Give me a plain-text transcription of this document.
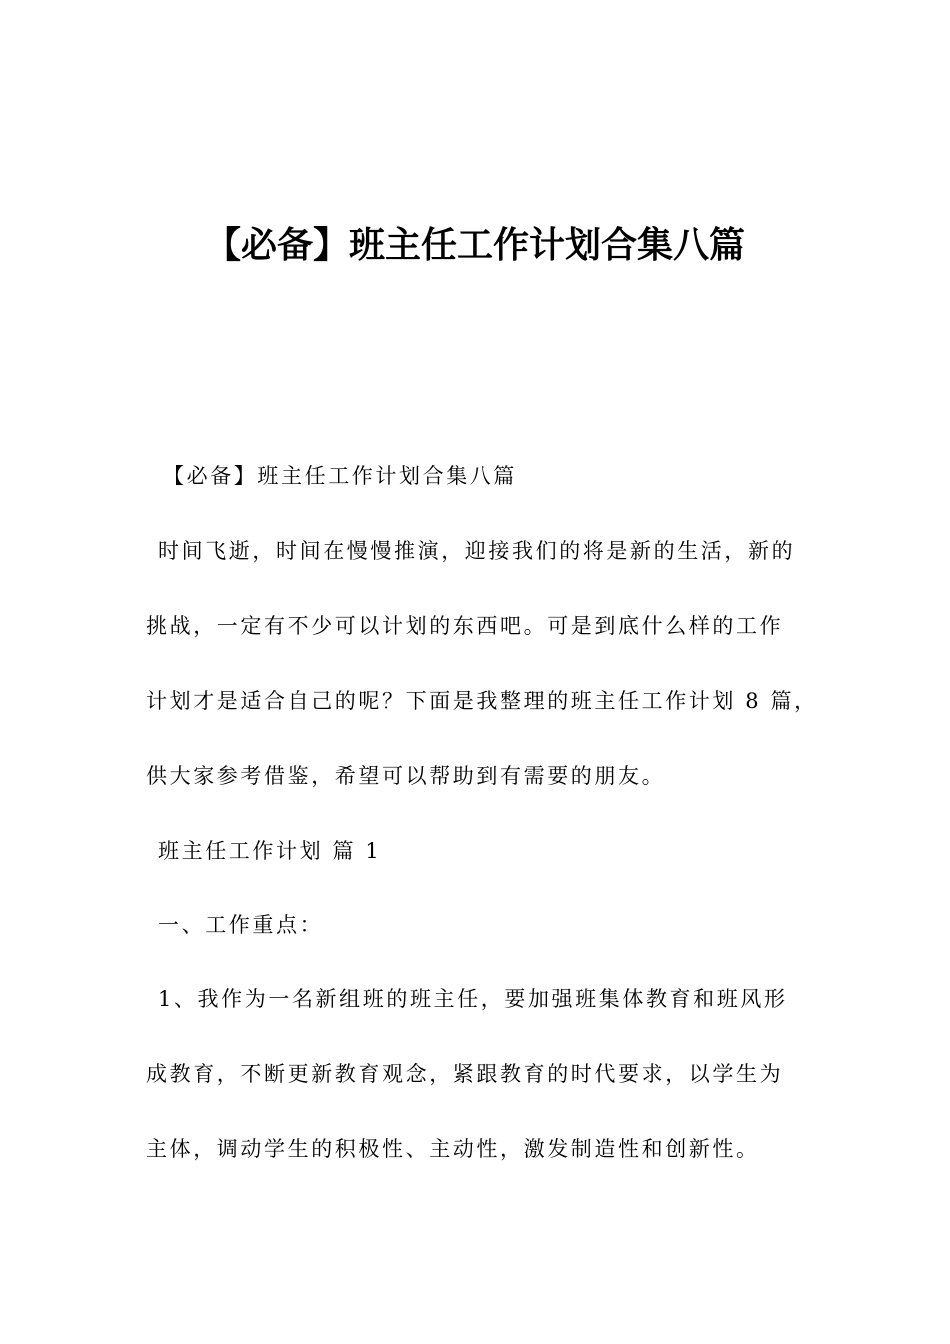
【必备】班主任工作计划合集八篇

【必备】班主任工作计划合集八篇

时间飞逝，时间在慢慢推演，迎接我们的将是新的生活，新的

挑战，一定有不少可以计划的东西吧。可是到底什么样的工作

计划才是适合自己的呢？下面是我整理的班主任工作计划 8 篇，

供大家参考借鉴，希望可以帮助到有需要的朋友。

班主任工作计划 篇 1

一、工作重点：

1、我作为一名新组班的班主任，要加强班集体教育和班风形

成教育，不断更新教育观念，紧跟教育的时代要求，以学生为

主体，调动学生的积极性、主动性，激发制造性和创新性。
